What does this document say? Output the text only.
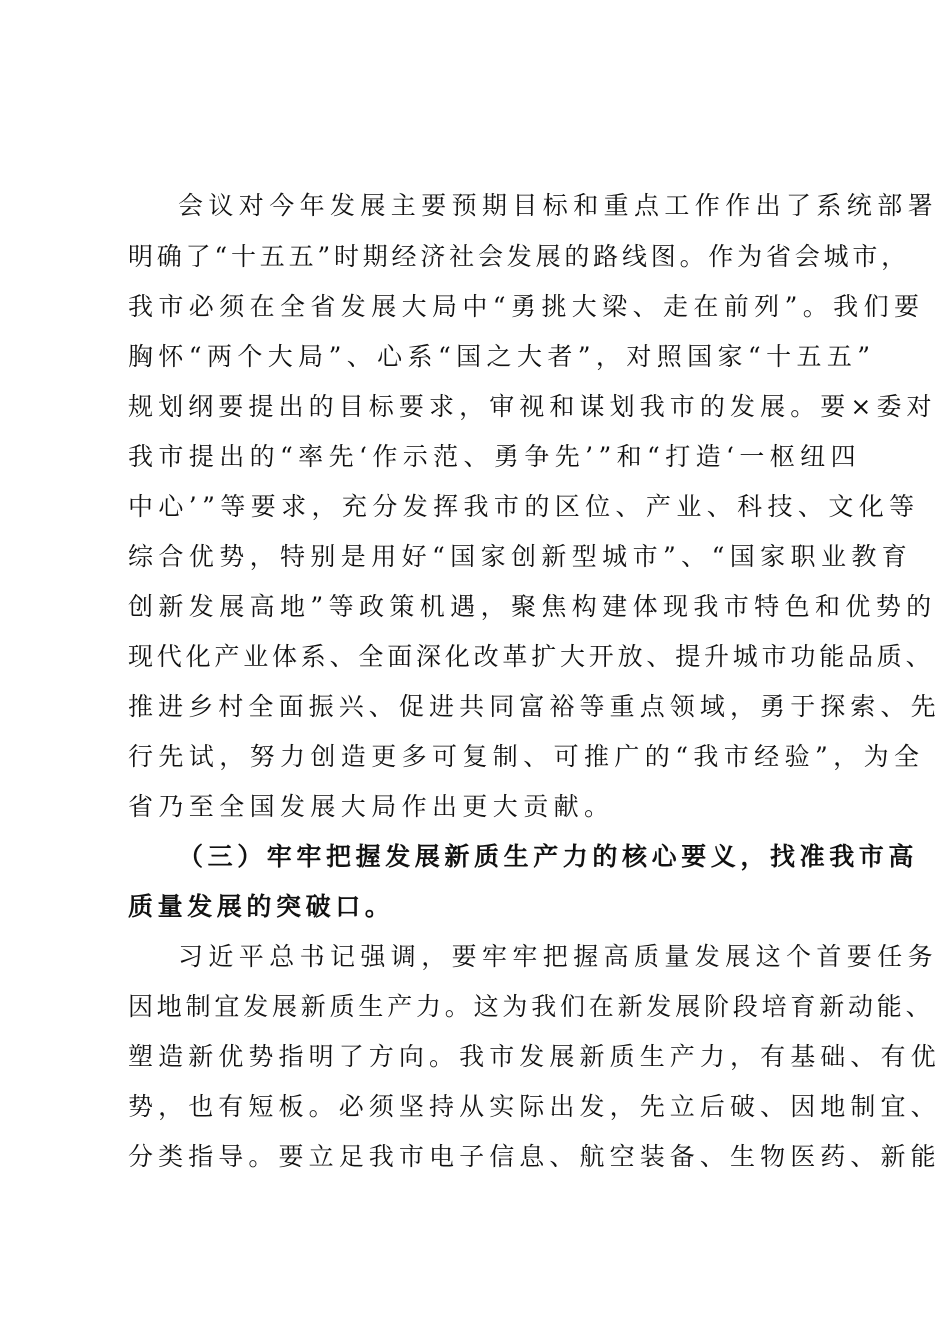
会议对今年发展主要预期目标和重点工作作出了系统部署
明确了“十五五”时期经济社会发展的路线图。作为省会城市，
我市必须在全省发展大局中“勇挑大梁、走在前列”。我们要
胸怀“两个大局”、心系“国之大者”，对照国家“十五五”
规划纲要提出的目标要求，审视和谋划我市的发展。要×委对
我市提出的“率先‘作示范、勇争先’”和“打造‘一枢纽四
中心’”等要求，充分发挥我市的区位、产业、科技、文化等
综合优势，特别是用好“国家创新型城市”、“国家职业教育
创新发展高地”等政策机遇，聚焦构建体现我市特色和优势的
现代化产业体系、全面深化改革扩大开放、提升城市功能品质、
推进乡村全面振兴、促进共同富裕等重点领域，勇于探索、先
行先试，努力创造更多可复制、可推广的“我市经验”，为全
省乃至全国发展大局作出更大贡献。
（三）牢牢把握发展新质生产力的核心要义，找准我市高
质量发展的突破口。
习近平总书记强调，要牢牢把握高质量发展这个首要任务
因地制宜发展新质生产力。这为我们在新发展阶段培育新动能、
塑造新优势指明了方向。我市发展新质生产力，有基础、有优
势，也有短板。必须坚持从实际出发，先立后破、因地制宜、
分类指导。要立足我市电子信息、航空装备、生物医药、新能
